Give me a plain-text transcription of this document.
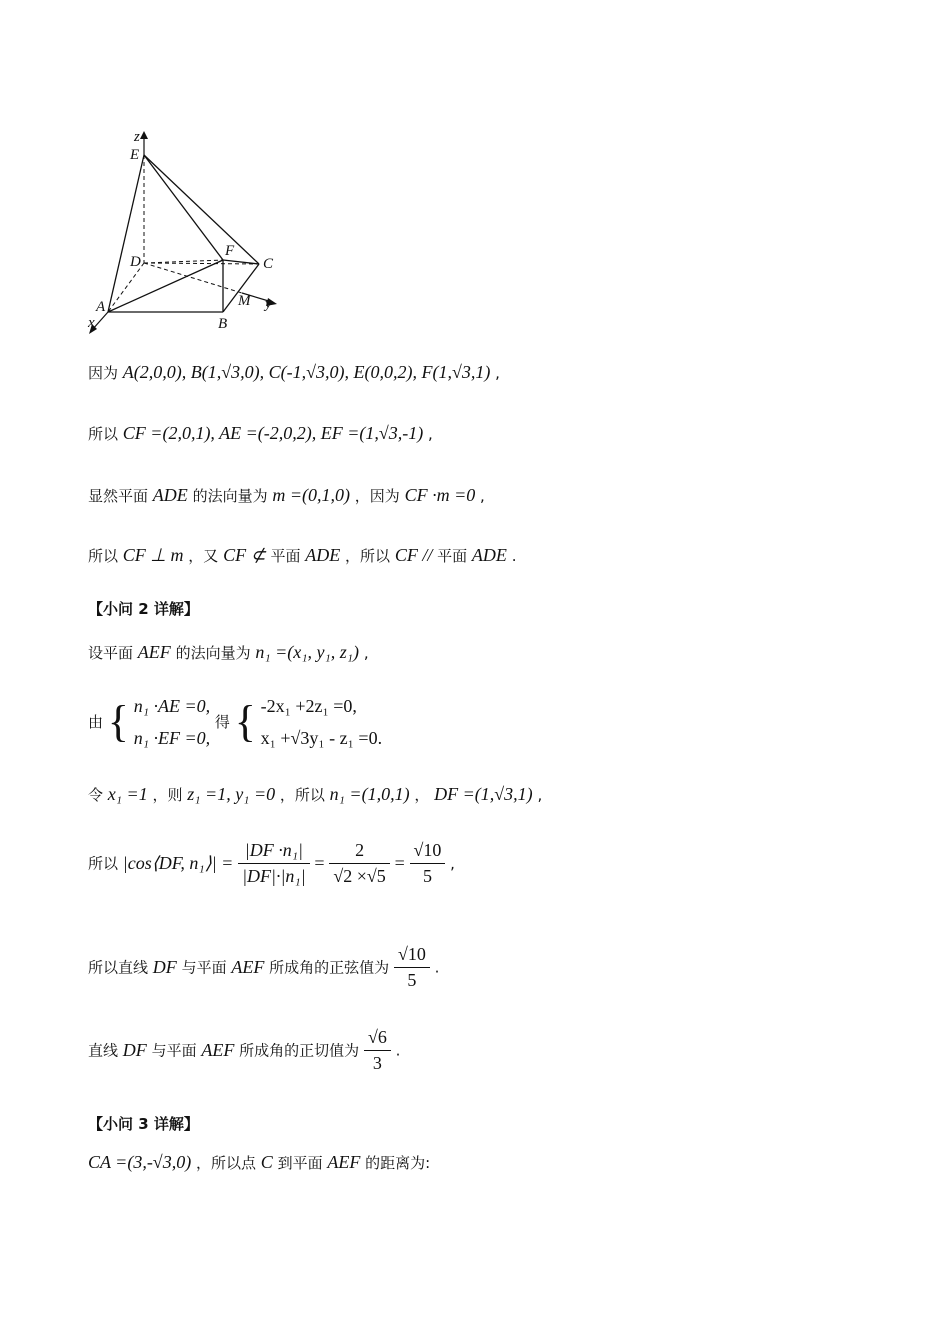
z
E
F
D	C
A
x	B
M y
因为 A(2,0,0), B(1,√3,0), C(-1,√3,0), E(0,0,2), F(1,√3,1) ,
所以 CF =(2,0,1), AE =(-2,0,2), EF =(1,√3,-1) ,
显然平面 ADE 的法向量为 m =(0,1,0) ，因为 CF ·m =0 ,
所以 CF ⊥ m ，又 CF ⊄ 平面 ADE ，所以 CF // 平面 ADE .
【小问 2 详解】
设平面 AEF 的法向量为 n₁ =(x₁, y₁, z₁) ,
由 { n₁ ·AE =0,
n₁ ·EF =0, 得 { -2x₁ +2z₁ =0,
x₁ +√3y₁ - z₁ =0.
令 x₁ =1 ，则 z₁ =1, y₁ =0 ，所以 n₁ =(1,0,1) ， DF =(1,√3,1) ,
所以 |cos⟨DF, n₁⟩| = $\frac{\text{|DF ·n₁|}}{\text{|DF|·|n₁|}} = \frac{2}{√2 \times√5} = \frac{√10}{5}$ ,
所以直线 DF 与平面 AEF 所成角的正弦值为 $\frac{√10}{5}$ .
直线 DF 与平面 AEF 所成角的正切值为 $\frac{√6}{3}$ .
【小问 3 详解】
CA =(3,-√3,0) ，所以点 C 到平面 AEF 的距离为:
